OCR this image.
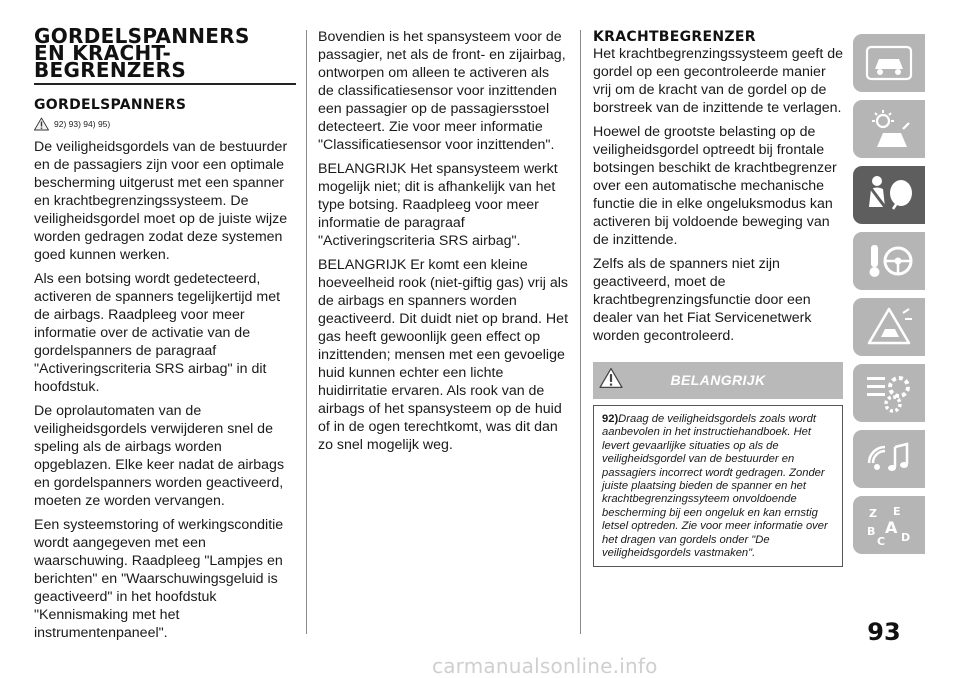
GORDELSPANNERS
EN KRACHT-
BEGRENZERS
GORDELSPANNERS
92) 93) 94) 95)

De veiligheidsgordels van de bestuurder en de passagiers zijn voor een optimale bescherming uitgerust met een spanner en krachtbegrenzingssysteem. De veiligheidsgordel moet op de juiste wijze worden gedragen zodat deze systemen goed kunnen werken.

Als een botsing wordt gedetecteerd, activeren de spanners tegelijkertijd met de airbags. Raadpleeg voor meer informatie over de activatie van de gordelspanners de paragraaf "Activeringscriteria SRS airbag" in dit hoofdstuk.

De oprolautomaten van de veiligheidsgordels verwijderen snel de speling als de airbags worden opgeblazen. Elke keer nadat de airbags en gordelspanners worden geactiveerd, moeten ze worden vervangen.

Een systeemstoring of werkingsconditie wordt aangegeven met een waarschuwing. Raadpleeg "Lampjes en berichten" en "Waarschuwingsgeluid is geactiveerd" in het hoofdstuk "Kennismaking met het instrumentenpaneel".

Bovendien is het spansysteem voor de passagier, net als de front- en zijairbag, ontworpen om alleen te activeren als de classificatiesensor voor inzittenden een passagier op de passagiersstoel detecteert. Zie voor meer informatie "Classificatiesensor voor inzittenden".

BELANGRIJK Het spansysteem werkt mogelijk niet; dit is afhankelijk van het type botsing. Raadpleeg voor meer informatie de paragraaf "Activeringscriteria SRS airbag".

BELANGRIJK Er komt een kleine hoeveelheid rook (niet-giftig gas) vrij als de airbags en spanners worden geactiveerd. Dit duidt niet op brand. Het gas heeft gewoonlijk geen effect op inzittenden; mensen met een gevoelige huid kunnen echter een lichte huidirritatie ervaren. Als rook van de airbags of het spansysteem op de huid of in de ogen terechtkomt, was dit dan zo snel mogelijk weg.

KRACHTBEGRENZER

Het krachtbegrenzingssysteem geeft de gordel op een gecontroleerde manier vrij om de kracht van de gordel op de borstreek van de inzittende te verlagen.

Hoewel de grootste belasting op de veiligheidsgordel optreedt bij frontale botsingen beschikt de krachtbegrenzer over een automatische mechanische functie die in elke ongeluksmodus kan activeren bij voldoende beweging van de inzittende.

Zelfs als de spanners niet zijn geactiveerd, moet de krachtbegrenzingsfunctie door een dealer van het Fiat Servicenetwerk worden gecontroleerd.

BELANGRIJK
92)Draag de veiligheidsgordels zoals wordt aanbevolen in het instructiehandboek. Het levert gevaarlijke situaties op als de veiligheidsgordel van de bestuurder en passagiers incorrect wordt gedragen. Zonder juiste plaatsing bieden de spanner en het krachtbegrenzingssyteem onvoldoende bescherming bij een ongeluk en kan ernstig letsel optreden. Zie voor meer informatie over het dragen van gordels onder "De veiligheidsgordels vastmaken".
Z E
B A
C D
93
carmanualsonline.info
